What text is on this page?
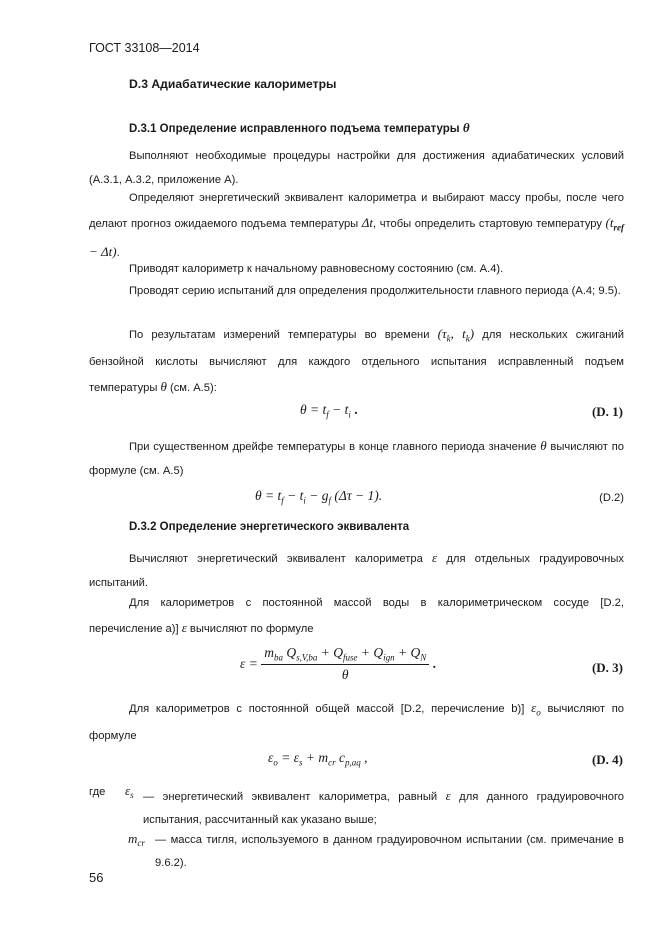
ГОСТ 33108—2014
D.3 Адиабатические калориметры
D.3.1 Определение исправленного подъема температуры θ
Выполняют необходимые процедуры настройки для достижения адиабатических условий (А.3.1, А.3.2, приложение А).
Определяют энергетический эквивалент калориметра и выбирают массу пробы, после чего делают прогноз ожидаемого подъема температуры Δt, чтобы определить стартовую температуру $(t_{ref} - \Delta t)$.
Приводят калориметр к начальному равновесному состоянию (см. А.4).
Проводят серию испытаний для определения продолжительности главного периода (А.4; 9.5).
По результатам измерений температуры во времени ($\tau_k$, $t_k$) для нескольких сжиганий бензойной кислоты вычисляют для каждого отдельного испытания исправленный подъем температуры θ (см. А.5):
$\theta = t_f - t_i$ .	(D. 1)
При существенном дрейфе температуры в конце главного периода значение θ вычисляют по формуле (см. А.5)
$\theta = t_f - t_i - g_f$ (Δτ − 1).	(D.2)
D.3.2 Определение энергетического эквивалента
Вычисляют энергетический эквивалент калориметра ε для отдельных градуировочных испытаний.
Для калориметров с постоянной массой воды в калориметрическом сосуде [D.2, перечисление а)] ε вычисляют по формуле
$\varepsilon = \frac{m_{ba} Q_{s,V,ba} + Q_{fuse} + Q_{ign} + Q_N}{\theta}$ .	(D. 3)
Для калориметров с постоянной общей массой [D.2, перечисление b)] $\varepsilon_o$ вычисляют по формуле
$\varepsilon_o = \varepsilon_s + m_{cr}$ $c_{p,aq}$ ,	(D. 4)
где $\varepsilon_s$ — энергетический эквивалент калориметра, равный ε для данного градуировочного испытания, рассчитанный как указано выше;
$m_{cr}$ — масса тигля, используемого в данном градуировочном испытании (см. примечание в 9.6.2).
56
